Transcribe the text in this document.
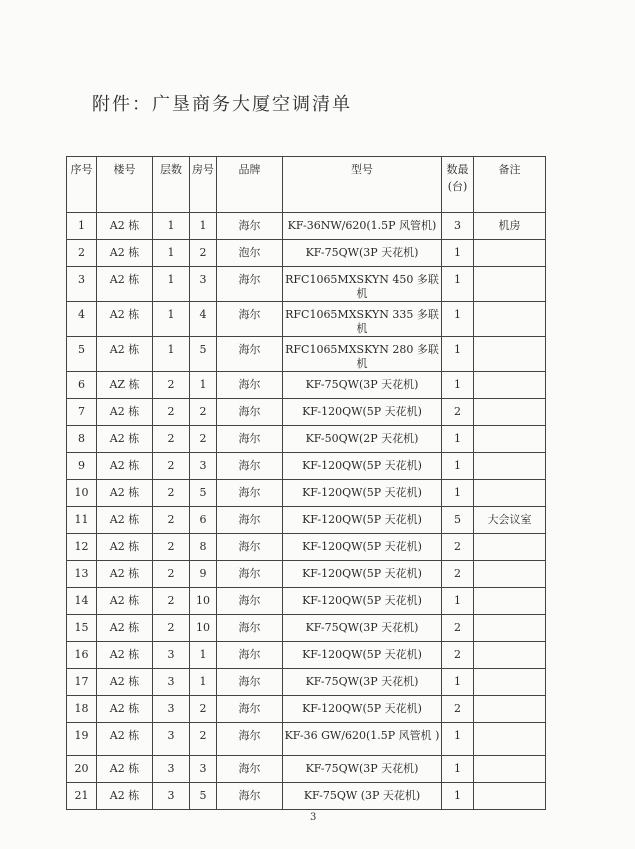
附件：广垦商务大厦空调清单
序号	楼号	层数	房号	品牌	型号	数最(台)	备注
1	A2 栋	1	1	海尔	KF-36NW/620(1.5P 风管机)	3	机房
2	A2 栋	1	2	泡尔	KF-75QW(3P 天花机)	1	
3	A2 栋	1	3	海尔	RFC1065MXSKYN 450 多联机	1	
4	A2 栋	1	4	海尔	RFC1065MXSKYN 335 多联机	1	
5	A2 栋	1	5	海尔	RFC1065MXSKYN 280 多联机	1	
6	AZ 栋	2	1	海尔	KF-75QW(3P 天花机)	1	
7	A2 栋	2	2	海尔	KF-120QW(5P 天花机)	2	
8	A2 栋	2	2	海尔	KF-50QW(2P 天花机)	1	
9	A2 栋	2	3	海尔	KF-120QW(5P 天花机)	1	
10	A2 栋	2	5	海尔	KF-120QW(5P 天花机)	1	
11	A2 栋	2	6	海尔	KF-120QW(5P 天花机)	5	大会议室
12	A2 栋	2	8	海尔	KF-120QW(5P 天花机)	2	
13	A2 栋	2	9	海尔	KF-120QW(5P 天花机)	2	
14	A2 栋	2	10	海尔	KF-120QW(5P 天花机)	1	
15	A2 栋	2	10	海尔	KF-75QW(3P 天花机)	2	
16	A2 栋	3	1	海尔	KF-120QW(5P 天花机)	2	
17	A2 栋	3	1	海尔	KF-75QW(3P 天花机)	1	
18	A2 栋	3	2	海尔	KF-120QW(5P 天花机)	2	
19	A2 栋	3	2	海尔	KF-36 GW/620(1.5P 风管机 )	1	
20	A2 栋	3	3	海尔	KF-75QW(3P 天花机)	1	
21	A2 栋	3	5	海尔	KF-75QW (3P 天花机)	1	
3
